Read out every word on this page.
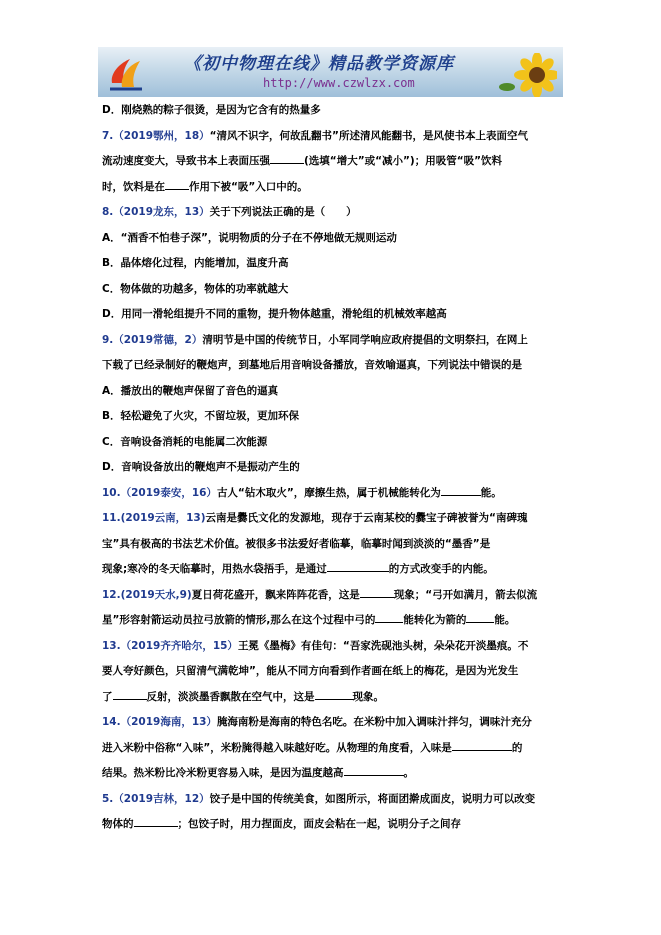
《初中物理在线》精品教学资源库
http://www.czwlzx.com
D．刚烧熟的粽子很烫，是因为它含有的热量多
7.（2019鄂州，18）“清风不识字，何故乱翻书”所述清风能翻书，是风使书本上表面空气
流动速度变大，导致书本上表面压强	(选填“增大”或“减小”)；用吸管“吸”饮料
时，饮料是在 作用下被“吸”入口中的。
8.（2019龙东，13）关于下列说法正确的是（　　）
A．“酒香不怕巷子深”，说明物质的分子在不停地做无规则运动
B．晶体熔化过程，内能增加，温度升高
C．物体做的功越多，物体的功率就越大
D．用同一滑轮组提升不同的重物，提升物体越重，滑轮组的机械效率越高
9.（2019常德，2）清明节是中国的传统节日，小军同学响应政府提倡的文明祭扫，在网上
下载了已经录制好的鞭炮声，到墓地后用音响设备播放，音效喻逼真，下列说法中错误的是
A．播放出的鞭炮声保留了音色的逼真
B．轻松避免了火灾，不留垃圾，更加环保
C．音响设备消耗的电能属二次能源
D．音响设备放出的鞭炮声不是振动产生的
10.（2019泰安，16）古人“钻木取火”，摩擦生热，属于机械能转化为	能。
11.(2019云南，13)云南是爨氏文化的发源地，现存于云南某校的爨宝子碑被誉为“南碑瑰
宝”具有极高的书法艺术价值。被很多书法爱好者临摹，临摹时闻到淡淡的“墨香”是
现象;寒冷的冬天临摹时，用热水袋捂手，是通过	的方式改变手的内能。
12.(2019天水,9)夏日荷花盛开，飘来阵阵花香，这是	现象；“弓开如满月，箭去似流
星”形容射箭运动员拉弓放箭的情形,那么在这个过程中弓的	能转化为箭的	能。
13.（2019齐齐哈尔，15）王冕《墨梅》有佳句：“吾家洗砚池头树，朵朵花开淡墨痕。不
要人夸好颜色，只留清气满乾坤”，能从不同方向看到作者画在纸上的梅花，是因为光发生
了	反射，淡淡墨香飘散在空气中，这是	现象。
14.（2019海南，13）腌海南粉是海南的特色名吃。在米粉中加入调味汁拌匀，调味汁充分
进入米粉中俗称“入味”，米粉腌得越入味越好吃。从物理的角度看，入味是	的
结果。热米粉比冷米粉更容易入味，是因为温度越高	。
5.（2019吉林，12）饺子是中国的传统美食，如图所示，将面团擀成面皮，说明力可以改变
物体的	；包饺子时，用力捏面皮，面皮会粘在一起，说明分子之间存
